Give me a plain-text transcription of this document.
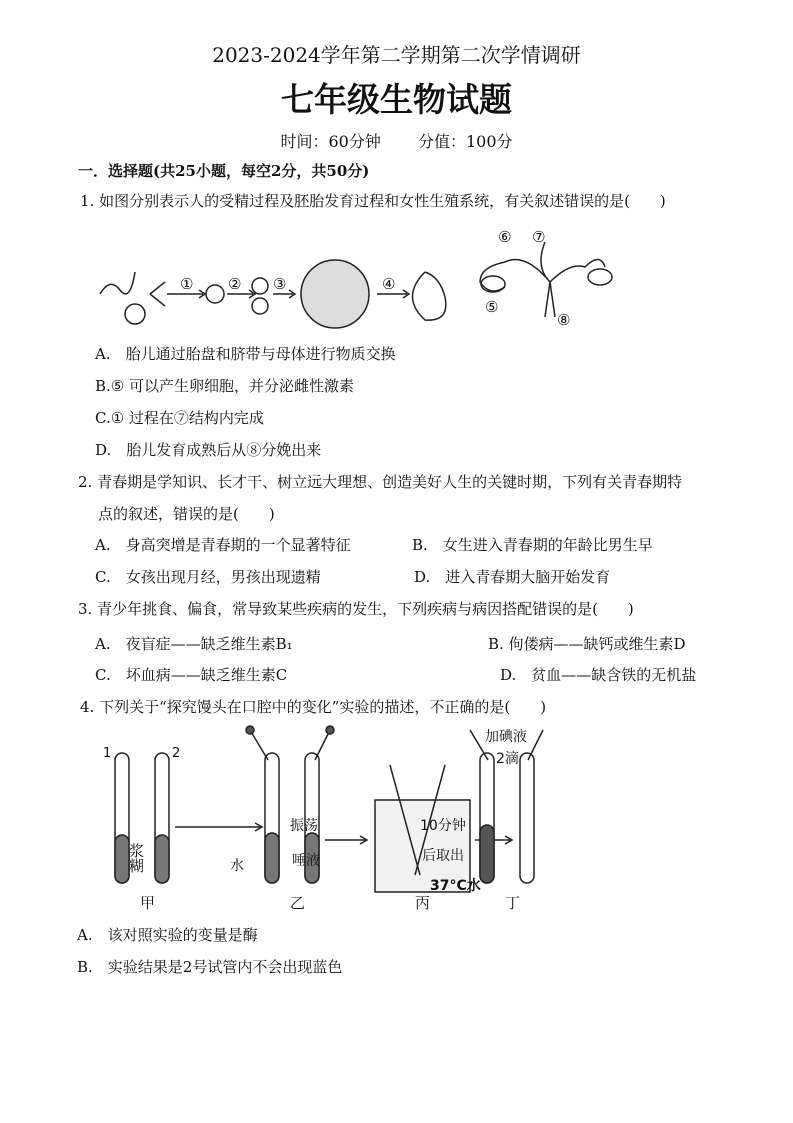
2023-2024学年第二学期第二次学情调研
七年级生物试题
时间：60分钟　　 分值：100分
一．选择题(共25小题，每空2分，共50分)
1. 如图分别表示人的受精过程及胚胎发育过程和女性生殖系统，有关叙述错误的是(　　)
① ② ③	④
⑤
⑥ ⑦
⑧
A.　胎儿通过胎盘和脐带与母体进行物质交换
B.⑤ 可以产生卵细胞，并分泌雌性激素
C.① 过程在⑦结构内完成
D.　胎儿发育成熟后从⑧分娩出来
2. 青春期是学知识、长才干、树立远大理想、创造美好人生的关键时期，下列有关青春期特
点的叙述，错误的是(　　)
A.　身高突增是青春期的一个显著特征	B.　女生进入青春期的年龄比男生早
C.　女孩出现月经，男孩出现遗精	D.　进入青春期大脑开始发育
3. 青少年挑食、偏食，常导致某些疾病的发生，下列疾病与病因搭配错误的是(　　)
A.　夜盲症——缺乏维生素B₁	B. 佝偻病——缺钙或维生素D
C.　坏血病——缺乏维生素C	D.　贫血——缺含铁的无机盐
4. 下列关于“探究馒头在口腔中的变化”实验的描述，不正确的是(　　)
1	2
浆糊	水
振荡
唾液
10分钟
后取出
加碘液
2滴
37°C水
甲	乙	丙	丁
A.　该对照实验的变量是酶
B.　实验结果是2号试管内不会出现蓝色
